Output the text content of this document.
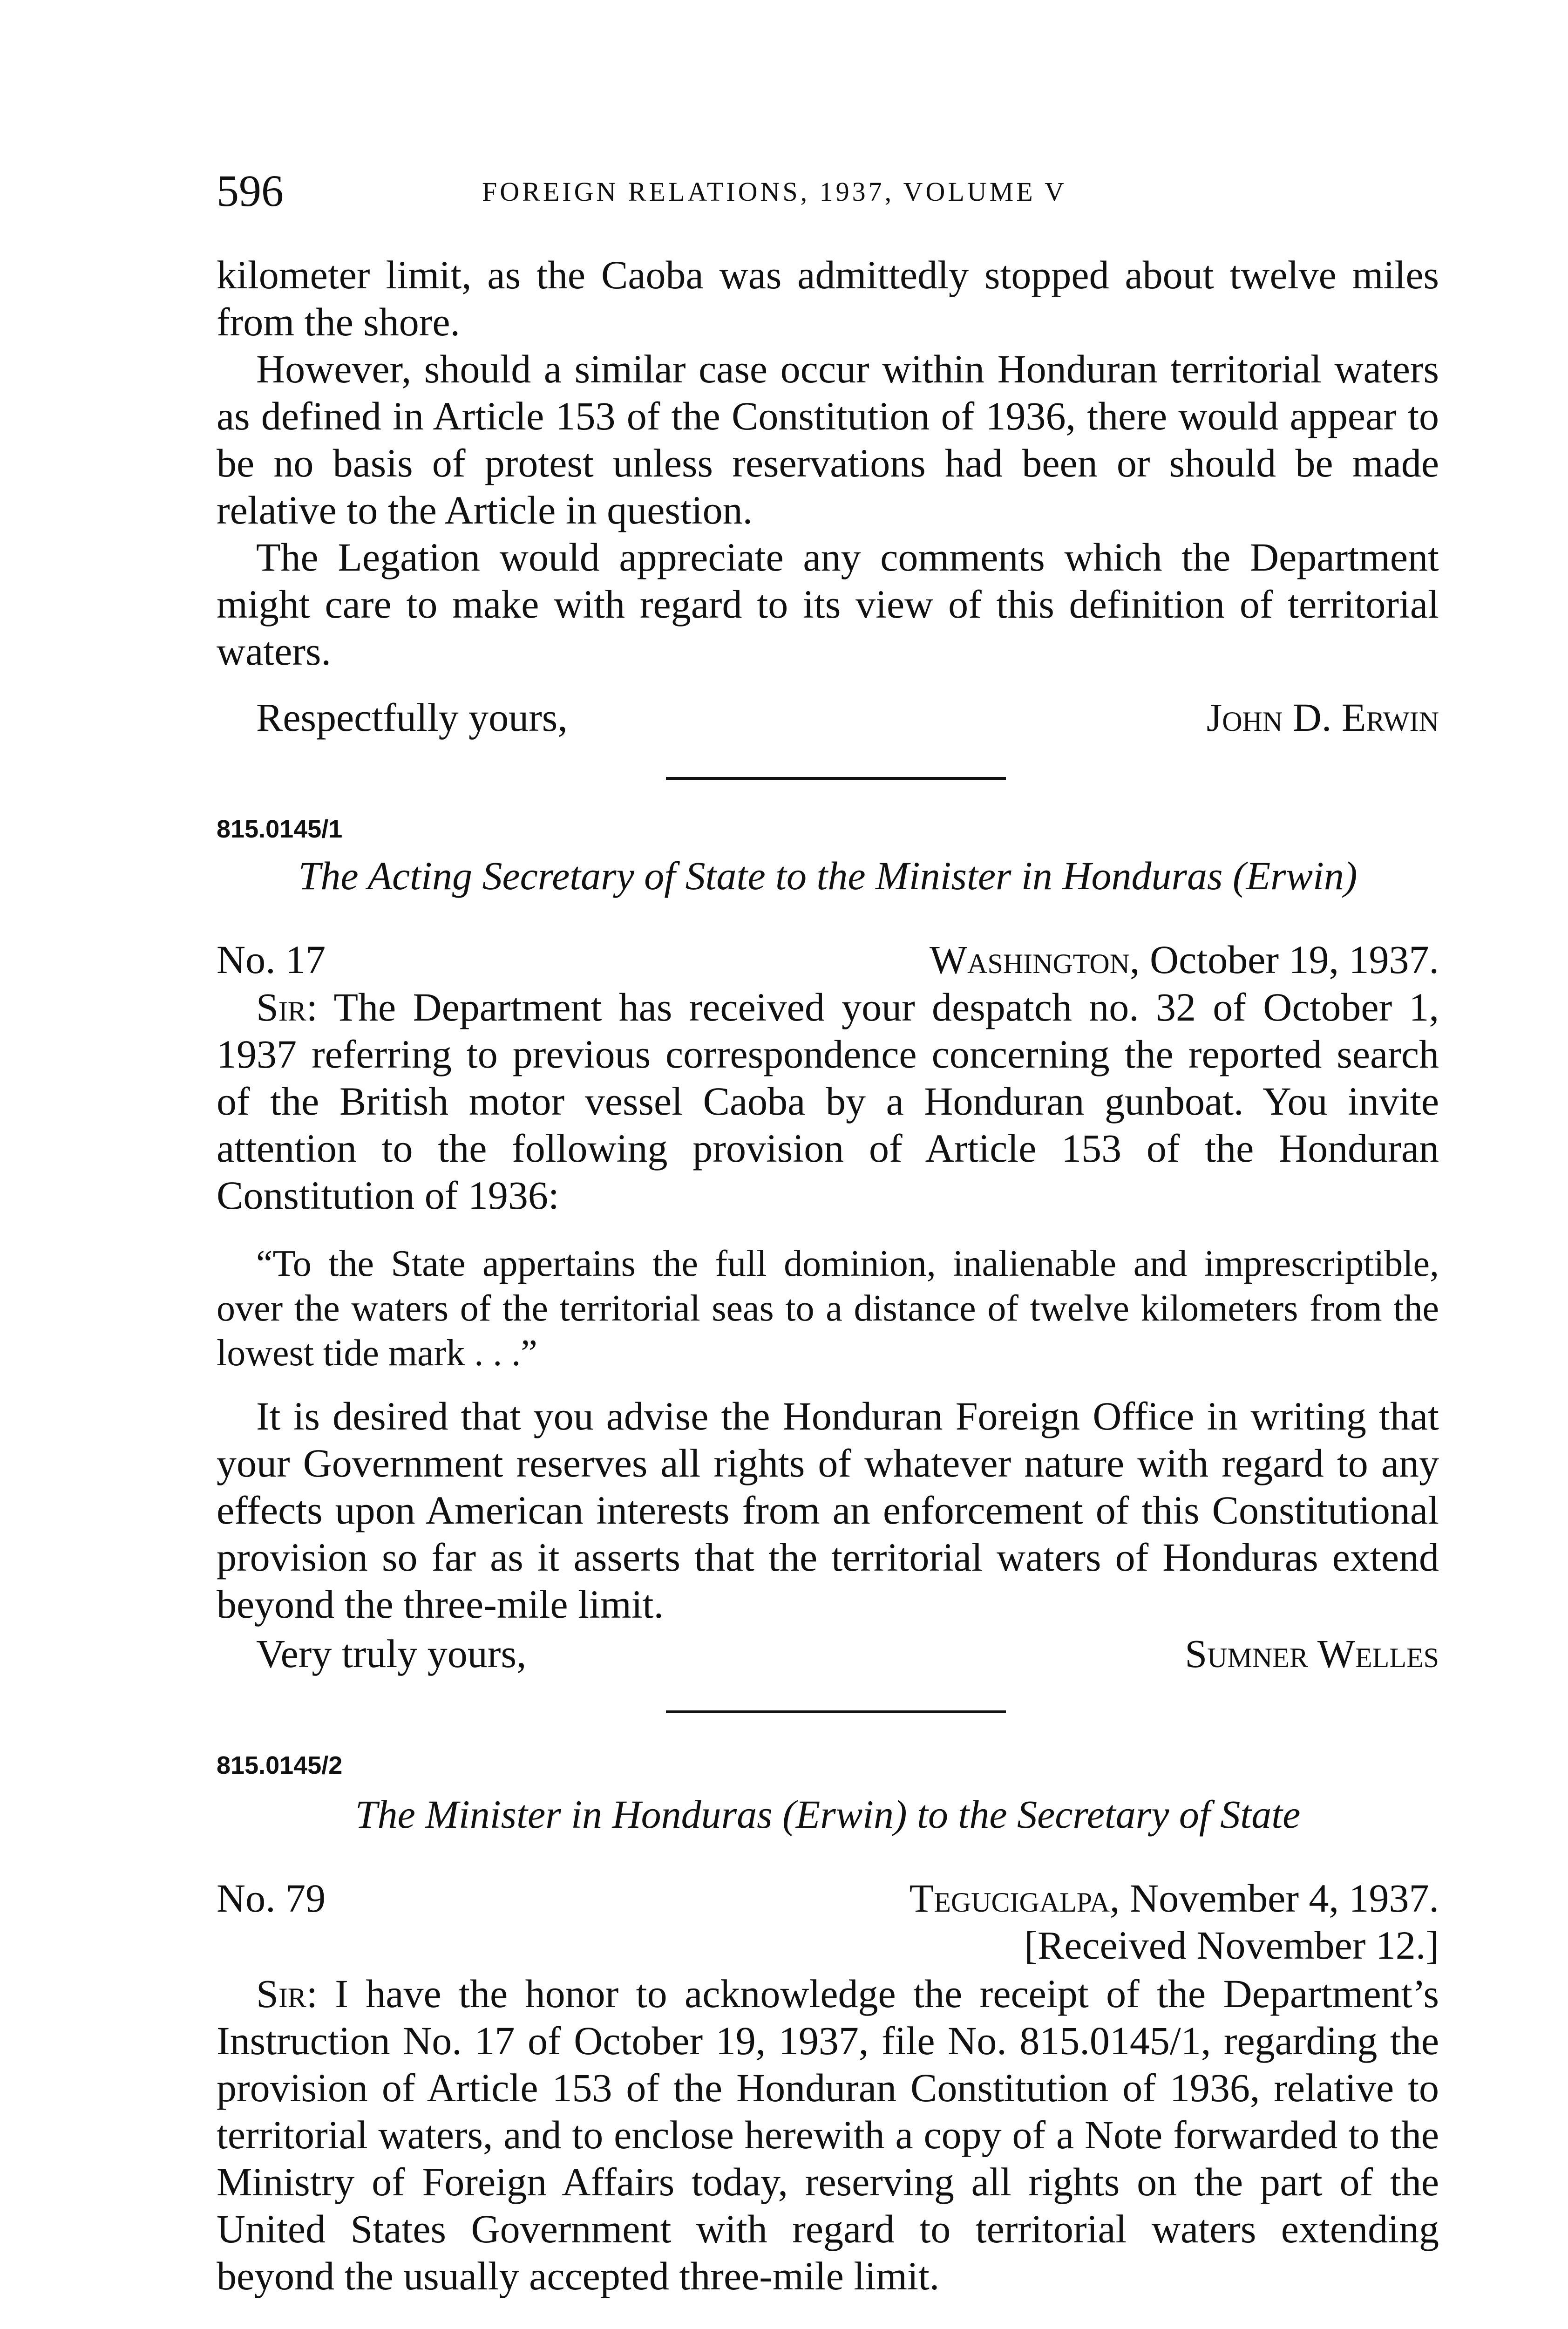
596	FOREIGN RELATIONS, 1937, VOLUME V

kilometer limit, as the Caoba was admittedly stopped about twelve miles from the shore.

However, should a similar case occur within Honduran territorial waters as defined in Article 153 of the Constitution of 1936, there would appear to be no basis of protest unless reservations had been or should be made relative to the Article in question.

The Legation would appreciate any comments which the Department might care to make with regard to its view of this definition of territorial waters.

Respectfully yours,	John D. Erwin
815.0145/1
The Acting Secretary of State to the Minister in Honduras (Erwin)
No. 17	Washington, October 19, 1937.

Sir: The Department has received your despatch no. 32 of October 1, 1937 referring to previous correspondence concerning the reported search of the British motor vessel Caoba by a Honduran gunboat. You invite attention to the following provision of Article 153 of the Honduran Constitution of 1936:

“To the State appertains the full dominion, inalienable and imprescriptible, over the waters of the territorial seas to a distance of twelve kilometers from the lowest tide mark . . .”

It is desired that you advise the Honduran Foreign Office in writing that your Government reserves all rights of whatever nature with regard to any effects upon American interests from an enforcement of this Constitutional provision so far as it asserts that the territorial waters of Honduras extend beyond the three-mile limit.

Very truly yours,	Sumner Welles
815.0145/2
The Minister in Honduras (Erwin) to the Secretary of State
No. 79	Tegucigalpa, November 4, 1937.
[Received November 12.]

Sir: I have the honor to acknowledge the receipt of the Department’s Instruction No. 17 of October 19, 1937, file No. 815.0145/1, regarding the provision of Article 153 of the Honduran Constitution of 1936, relative to territorial waters, and to enclose herewith a copy of a Note forwarded to the Ministry of Foreign Affairs today, reserving all rights on the part of the United States Government with regard to territorial waters extending beyond the usually accepted three-mile limit.
